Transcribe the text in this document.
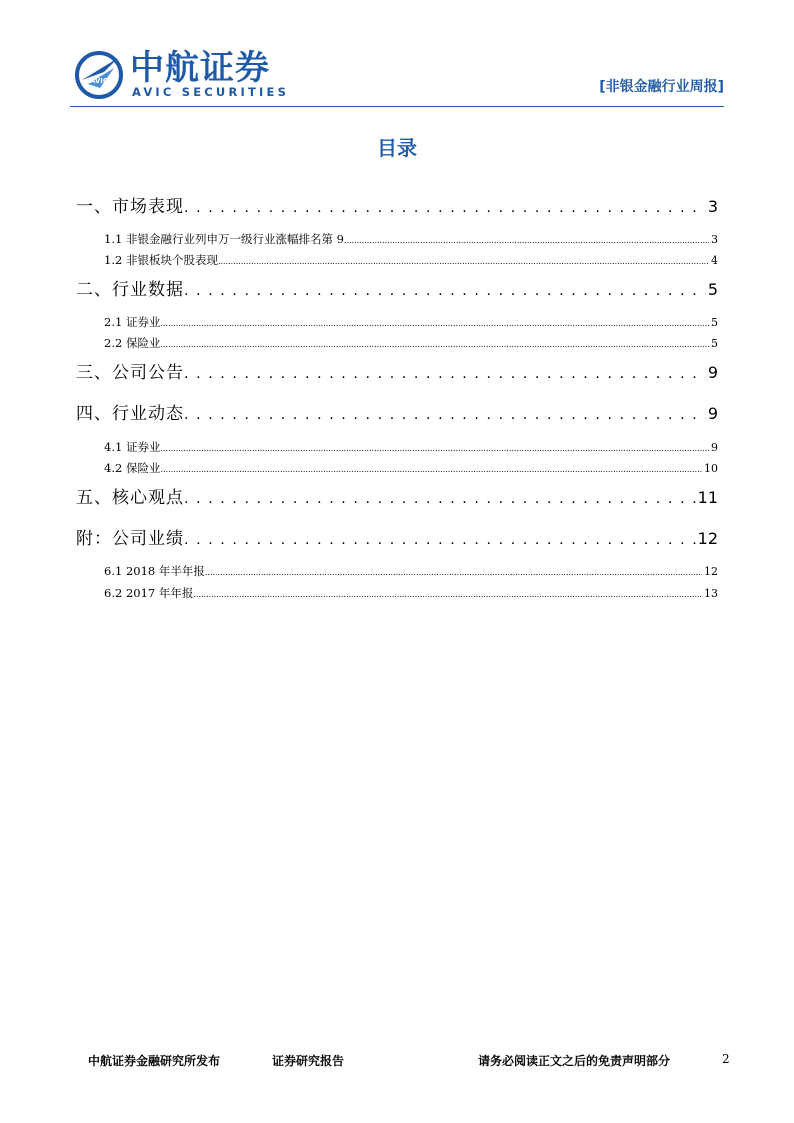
AVIC 中航证券
AVIC SECURITIES	[非银金融行业周报]
目录
一、市场表现 . . .	3
1.1 非银金融行业列申万一级行业涨幅排名第 9 .....	3
1.2 非银板块个股表现 .....	4
二、行业数据 . . .	5
2.1 证券业 .....	5
2.2 保险业 .....	5
三、公司公告 . . .	9
四、行业动态 . . .	9
4.1 证券业 .....	9
4.2 保险业 .....	10
五、核心观点 . . .	11
附：公司业绩 . . .	12
6.1 2018 年半年报 .....	12
6.2 2017 年年报 .....	13
中航证券金融研究所发布	证券研究报告	请务必阅读正文之后的免责声明部分	2
